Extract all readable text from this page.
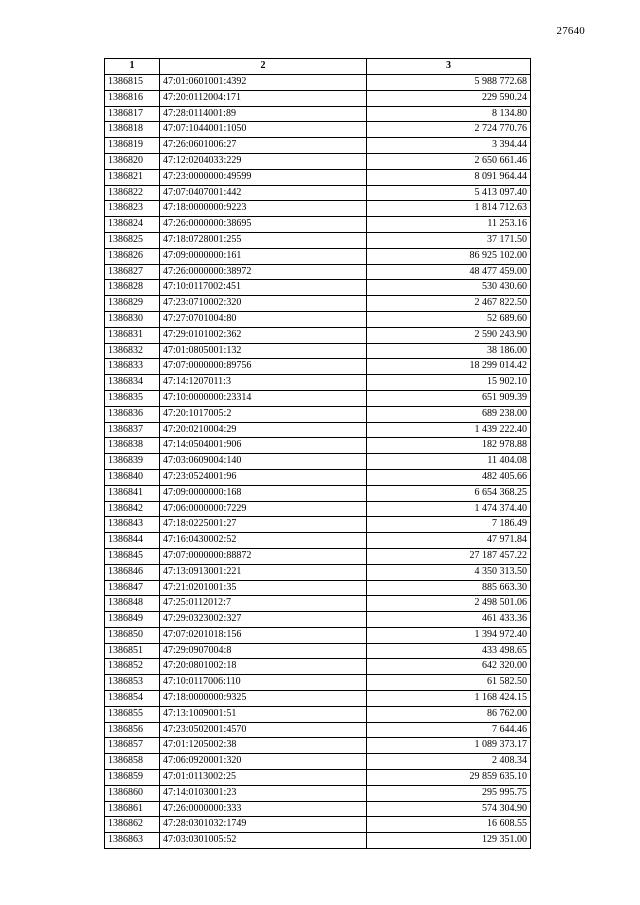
27640
1	2	3
1386815	47:01:0601001:4392	5 988 772.68
1386816	47:20:0112004:171	229 590.24
1386817	47:28:0114001:89	8 134.80
1386818	47:07:1044001:1050	2 724 770.76
1386819	47:26:0601006:27	3 394.44
1386820	47:12:0204033:229	2 650 661.46
1386821	47:23:0000000:49599	8 091 964.44
1386822	47:07:0407001:442	5 413 097.40
1386823	47:18:0000000:9223	1 814 712.63
1386824	47:26:0000000:38695	11 253.16
1386825	47:18:0728001:255	37 171.50
1386826	47:09:0000000:161	86 925 102.00
1386827	47:26:0000000:38972	48 477 459.00
1386828	47:10:0117002:451	530 430.60
1386829	47:23:0710002:320	2 467 822.50
1386830	47:27:0701004:80	52 689.60
1386831	47:29:0101002:362	2 590 243.90
1386832	47:01:0805001:132	38 186.00
1386833	47:07:0000000:89756	18 299 014.42
1386834	47:14:1207011:3	15 902.10
1386835	47:10:0000000:23314	651 909.39
1386836	47:20:1017005:2	689 238.00
1386837	47:20:0210004:29	1 439 222.40
1386838	47:14:0504001:906	182 978.88
1386839	47:03:0609004:140	11 404.08
1386840	47:23:0524001:96	482 405.66
1386841	47:09:0000000:168	6 654 368.25
1386842	47:06:0000000:7229	1 474 374.40
1386843	47:18:0225001:27	7 186.49
1386844	47:16:0430002:52	47 971.84
1386845	47:07:0000000:88872	27 187 457.22
1386846	47:13:0913001:221	4 350 313.50
1386847	47:21:0201001:35	885 663.30
1386848	47:25:0112012:7	2 498 501.06
1386849	47:29:0323002:327	461 433.36
1386850	47:07:0201018:156	1 394 972.40
1386851	47:29:0907004:8	433 498.65
1386852	47:20:0801002:18	642 320.00
1386853	47:10:0117006:110	61 582.50
1386854	47:18:0000000:9325	1 168 424.15
1386855	47:13:1009001:51	86 762.00
1386856	47:23:0502001:4570	7 644.46
1386857	47:01:1205002:38	1 089 373.17
1386858	47:06:0920001:320	2 408.34
1386859	47:01:0113002:25	29 859 635.10
1386860	47:14:0103001:23	295 995.75
1386861	47:26:0000000:333	574 304.90
1386862	47:28:0301032:1749	16 608.55
1386863	47:03:0301005:52	129 351.00
